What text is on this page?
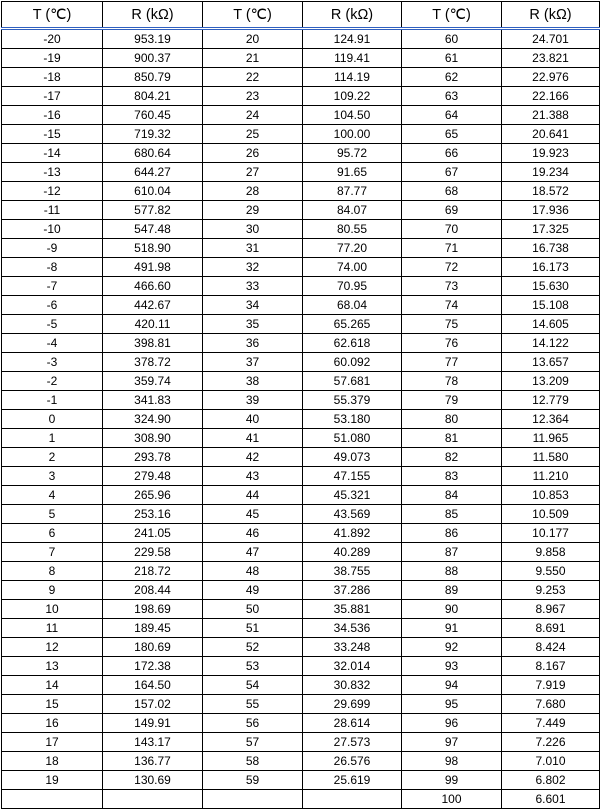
T (℃)	R (kΩ)	T (℃)	R (kΩ)	T (℃)	R (kΩ)
-20	953.19	20	124.91	60	24.701
-19	900.37	21	119.41	61	23.821
-18	850.79	22	114.19	62	22.976
-17	804.21	23	109.22	63	22.166
-16	760.45	24	104.50	64	21.388
-15	719.32	25	100.00	65	20.641
-14	680.64	26	95.72	66	19.923
-13	644.27	27	91.65	67	19.234
-12	610.04	28	87.77	68	18.572
-11	577.82	29	84.07	69	17.936
-10	547.48	30	80.55	70	17.325
-9	518.90	31	77.20	71	16.738
-8	491.98	32	74.00	72	16.173
-7	466.60	33	70.95	73	15.630
-6	442.67	34	68.04	74	15.108
-5	420.11	35	65.265	75	14.605
-4	398.81	36	62.618	76	14.122
-3	378.72	37	60.092	77	13.657
-2	359.74	38	57.681	78	13.209
-1	341.83	39	55.379	79	12.779
0	324.90	40	53.180	80	12.364
1	308.90	41	51.080	81	11.965
2	293.78	42	49.073	82	11.580
3	279.48	43	47.155	83	11.210
4	265.96	44	45.321	84	10.853
5	253.16	45	43.569	85	10.509
6	241.05	46	41.892	86	10.177
7	229.58	47	40.289	87	9.858
8	218.72	48	38.755	88	9.550
9	208.44	49	37.286	89	9.253
10	198.69	50	35.881	90	8.967
11	189.45	51	34.536	91	8.691
12	180.69	52	33.248	92	8.424
13	172.38	53	32.014	93	8.167
14	164.50	54	30.832	94	7.919
15	157.02	55	29.699	95	7.680
16	149.91	56	28.614	96	7.449
17	143.17	57	27.573	97	7.226
18	136.77	58	26.576	98	7.010
19	130.69	59	25.619	99	6.802
				100	6.601
